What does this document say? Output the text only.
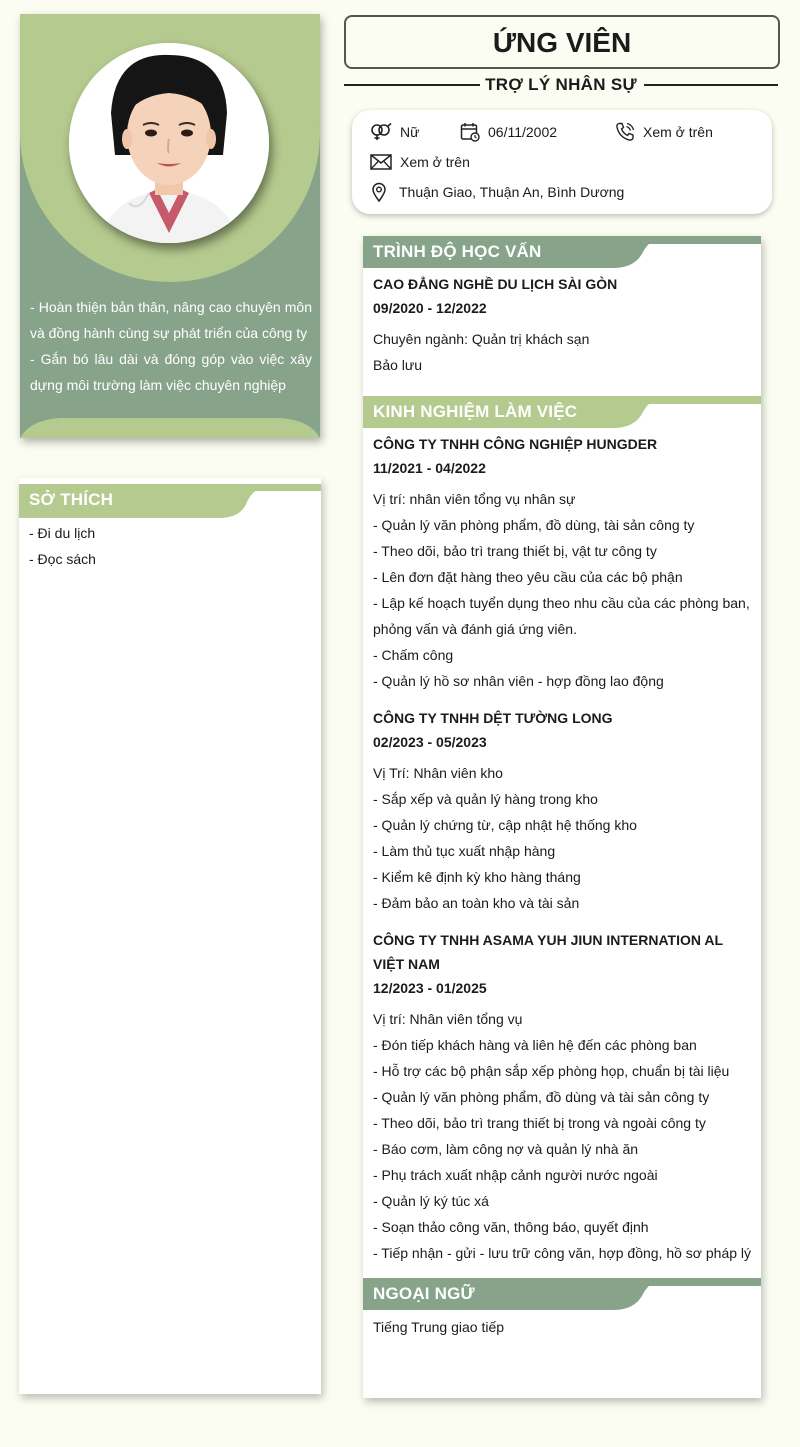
- Hoàn thiện bản thân, nâng cao chuyên môn và đồng hành cùng sự phát triển của công ty
- Gắn bó lâu dài và đóng góp vào việc xây dựng môi trường làm việc chuyên nghiệp
SỞ THÍCH
- Đi du lịch
- Đọc sách
ỨNG VIÊN
TRỢ LÝ NHÂN SỰ
Nữ	06/11/2002	Xem ở trên
Xem ở trên
Thuận Giao, Thuận An, Bình Dương
TRÌNH ĐỘ HỌC VẤN
CAO ĐẲNG NGHỀ DU LỊCH SÀI GÒN
09/2020 - 12/2022
Chuyên ngành: Quản trị khách sạn
Bảo lưu
KINH NGHIỆM LÀM VIỆC
CÔNG TY TNHH CÔNG NGHIỆP HUNGDER
11/2021 - 04/2022
Vị trí: nhân viên tổng vụ nhân sự
- Quản lý văn phòng phẩm, đồ dùng, tài sản công ty
- Theo dõi, bảo trì trang thiết bị, vật tư công ty
- Lên đơn đặt hàng theo yêu cầu của các bộ phận
- Lập kế hoạch tuyển dụng theo nhu cầu của các phòng ban, phỏng vấn và đánh giá ứng viên.
- Chấm công
- Quản lý hồ sơ nhân viên - hợp đồng lao động
CÔNG TY TNHH DỆT TƯỜNG LONG
02/2023 - 05/2023
Vị Trí: Nhân viên kho
- Sắp xếp và quản lý hàng trong kho
- Quản lý chứng từ, cập nhật hệ thống kho
- Làm thủ tục xuất nhập hàng
- Kiểm kê định kỳ kho hàng tháng
- Đảm bảo an toàn kho và tài sản
CÔNG TY TNHH ASAMA YUH JIUN INTERNATION AL VIỆT NAM
12/2023 - 01/2025
Vị trí: Nhân viên tổng vụ
- Đón tiếp khách hàng và liên hệ đến các phòng ban
- Hỗ trợ các bộ phận sắp xếp phòng họp, chuẩn bị tài liệu
- Quản lý văn phòng phẩm, đồ dùng và tài sản công ty
- Theo dõi, bảo trì trang thiết bị trong và ngoài công ty
- Báo cơm, làm công nợ và quản lý nhà ăn
- Phụ trách xuất nhập cảnh người nước ngoài
- Quản lý ký túc xá
- Soạn thảo công văn, thông báo, quyết định
- Tiếp nhận - gửi - lưu trữ công văn, hợp đồng, hồ sơ pháp lý
NGOẠI NGỮ
Tiếng Trung giao tiếp
